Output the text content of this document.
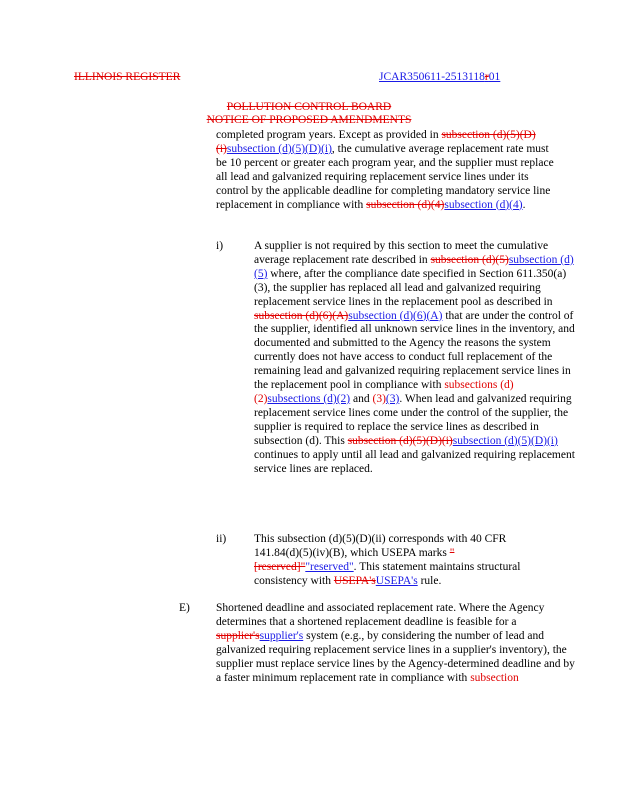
ILLINOIS REGISTER	JCAR350611-2513118r01
POLLUTION CONTROL BOARD
NOTICE OF PROPOSED AMENDMENTS
completed program years. Except as provided in subsection (d)(5)(D)(i)subsection (d)(5)(D)(i), the cumulative average replacement rate must be 10 percent or greater each program year, and the supplier must replace all lead and galvanized requiring replacement service lines under its control by the applicable deadline for completing mandatory service line replacement in compliance with subsection (d)(4)subsection (d)(4).
i)	A supplier is not required by this section to meet the cumulative average replacement rate described in subsection (d)(5)subsection (d)(5) where, after the compliance date specified in Section 611.350(a)(3), the supplier has replaced all lead and galvanized requiring replacement service lines in the replacement pool as described in subsection (d)(6)(A)subsection (d)(6)(A) that are under the control of the supplier, identified all unknown service lines in the inventory, and documented and submitted to the Agency the reasons the system currently does not have access to conduct full replacement of the remaining lead and galvanized requiring replacement service lines in the replacement pool in compliance with subsections (d)(2)subsections (d)(2) and (3)(3). When lead and galvanized requiring replacement service lines come under the control of the supplier, the supplier is required to replace the service lines as described in subsection (d). This subsection (d)(5)(D)(i)subsection (d)(5)(D)(i) continues to apply until all lead and galvanized requiring replacement service lines are replaced.
ii) This subsection (d)(5)(D)(ii) corresponds with 40 CFR 141.84(d)(5)(iv)(B), which USEPA marks "[reserved]""reserved". This statement maintains structural consistency with USEPA'sUSEPA's rule.
E) Shortened deadline and associated replacement rate. Where the Agency determines that a shortened replacement deadline is feasible for a supplier'ssupplier's system (e.g., by considering the number of lead and galvanized requiring replacement service lines in a supplier's inventory), the supplier must replace service lines by the Agency-determined deadline and by a faster minimum replacement rate in compliance with subsection
